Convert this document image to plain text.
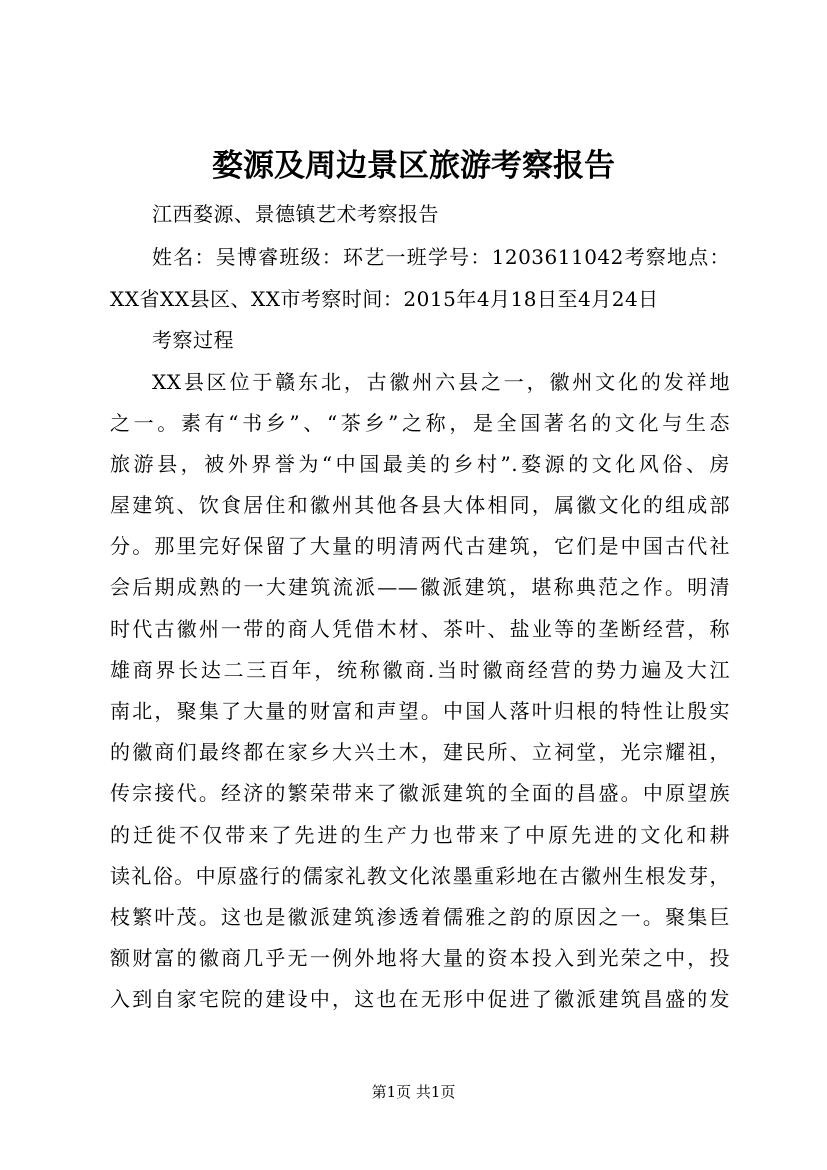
婺源及周边景区旅游考察报告
江西婺源、景德镇艺术考察报告
姓名：吴博睿班级：环艺一班学号：1203611042考察地点：
XX省XX县区、XX市考察时间：2015年4月18日至4月24日
考察过程
XX县区位于赣东北，古徽州六县之一，徽州文化的发祥地
之一。素有“书乡”、“茶乡”之称，是全国著名的文化与生态
旅游县，被外界誉为“中国最美的乡村”.婺源的文化风俗、房
屋建筑、饮食居住和徽州其他各县大体相同，属徽文化的组成部
分。那里完好保留了大量的明清两代古建筑，它们是中国古代社
会后期成熟的一大建筑流派——徽派建筑，堪称典范之作。明清
时代古徽州一带的商人凭借木材、茶叶、盐业等的垄断经营，称
雄商界长达二三百年，统称徽商.当时徽商经营的势力遍及大江
南北，聚集了大量的财富和声望。中国人落叶归根的特性让殷实
的徽商们最终都在家乡大兴土木，建民所、立祠堂，光宗耀祖，
传宗接代。经济的繁荣带来了徽派建筑的全面的昌盛。中原望族
的迁徙不仅带来了先进的生产力也带来了中原先进的文化和耕
读礼俗。中原盛行的儒家礼教文化浓墨重彩地在古徽州生根发芽，
枝繁叶茂。这也是徽派建筑渗透着儒雅之韵的原因之一。聚集巨
额财富的徽商几乎无一例外地将大量的资本投入到光荣之中，投
入到自家宅院的建设中，这也在无形中促进了徽派建筑昌盛的发
第1页 共1页
